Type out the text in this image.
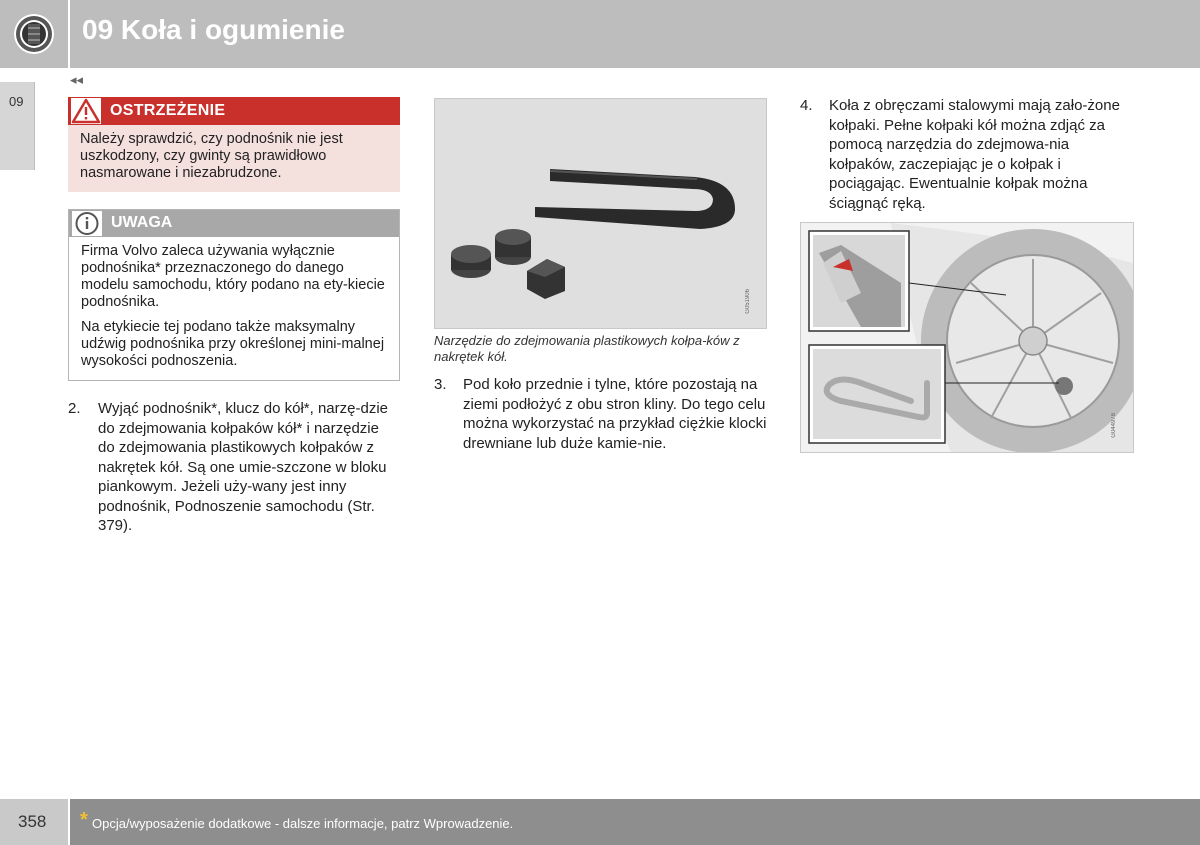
09 Koła i ogumienie
◂◂
09
OSTRZEŻENIE
Należy sprawdzić, czy podnośnik nie jest uszkodzony, czy gwinty są prawidłowo nasmarowane i niezabrudzone.
UWAGA

Firma Volvo zaleca używania wyłącznie podnośnika* przeznaczonego do danego modelu samochodu, który podano na ety-kiecie podnośnika.

Na etykiecie tej podano także maksymalny udźwig podnośnika przy określonej mini-malnej wysokości podnoszenia.

2. Wyjąć podnośnik*, klucz do kół*, narzę-dzie do zdejmowania kołpaków kół* i narzędzie do zdejmowania plastikowych kołpaków z nakrętek kół. Są one umie-szczone w bloku piankowym. Jeżeli uży-wany jest inny podnośnik, Podnoszenie samochodu (Str. 379).
G051906
Narzędzie do zdejmowania plastikowych kołpa-ków z nakrętek kół.
3. Pod koło przednie i tylne, które pozostają na ziemi podłożyć z obu stron kliny. Do tego celu można wykorzystać na przykład ciężkie klocki drewniane lub duże kamie-nie.
4. Koła z obręczami stalowymi mają zało-żone kołpaki. Pełne kołpaki kół można zdjąć za pomocą narzędzia do zdejmowa-nia kołpaków, zaczepiając je o kołpak i pociągając. Ewentualnie kołpak można ściągnąć ręką.
G044978
358 * Opcja/wyposażenie dodatkowe - dalsze informacje, patrz Wprowadzenie.
